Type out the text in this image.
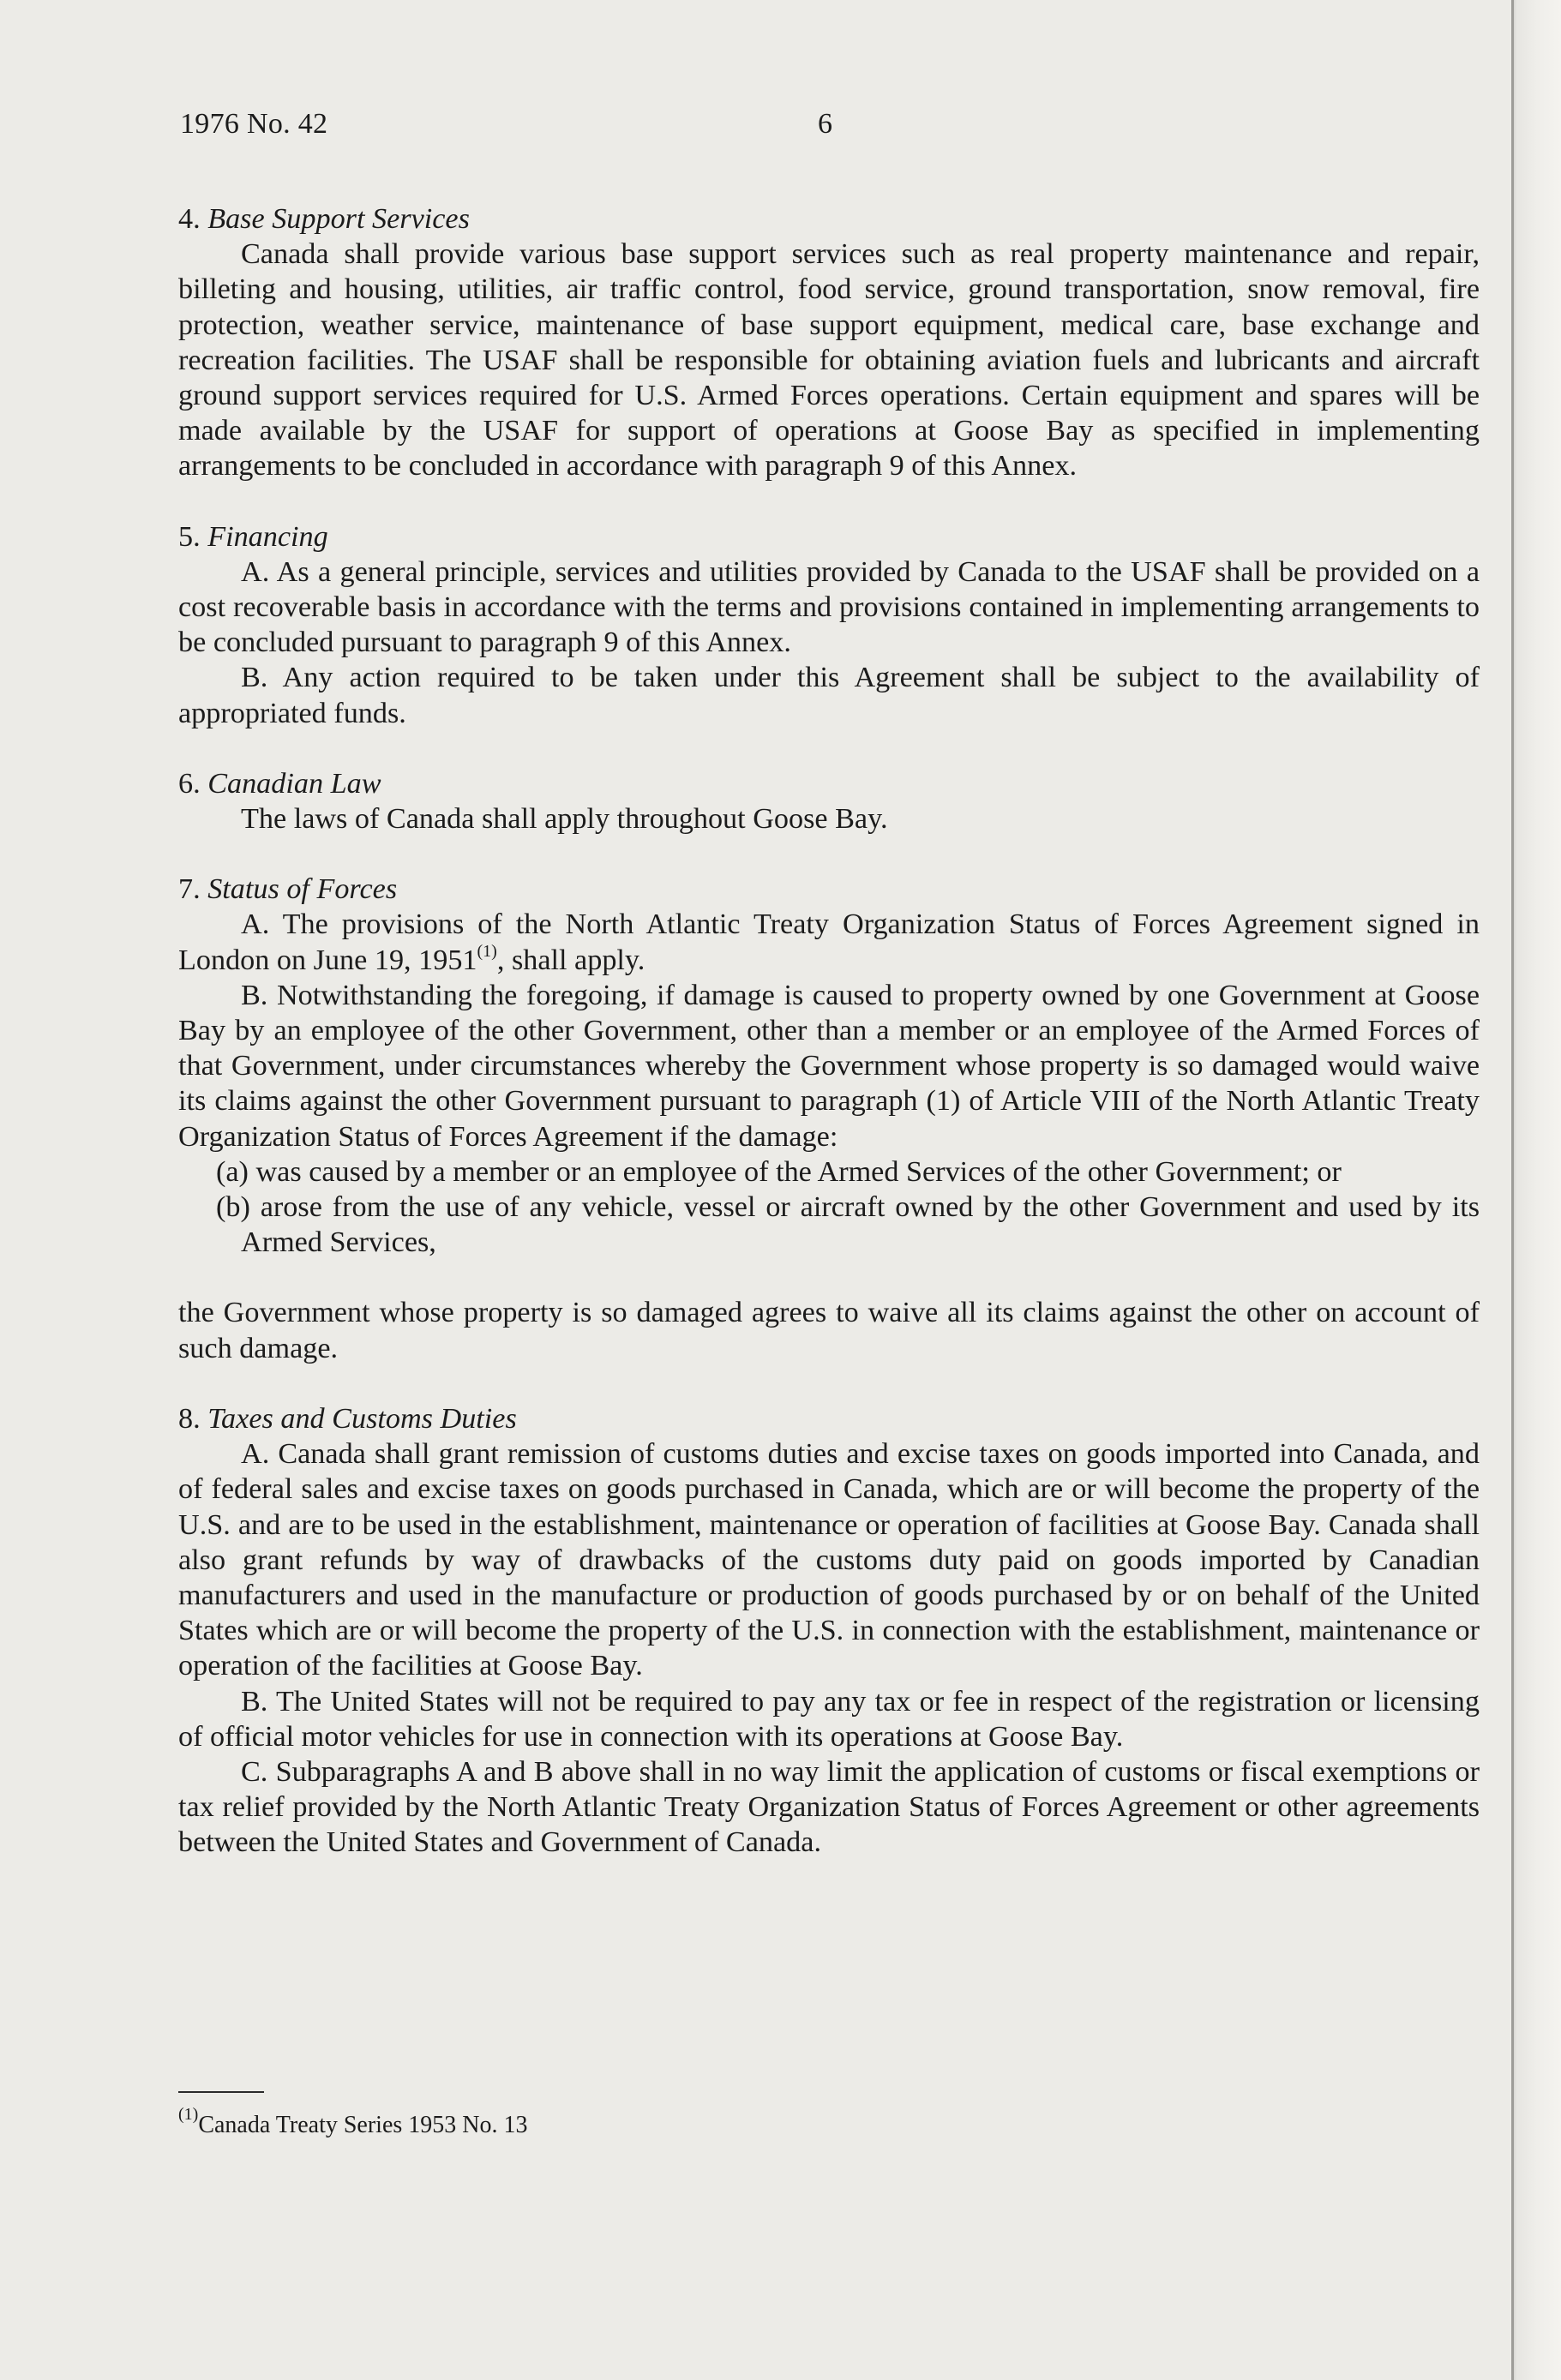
1976 No. 42	6

4. Base Support Services

Canada shall provide various base support services such as real property maintenance and repair, billeting and housing, utilities, air traffic control, food service, ground transportation, snow removal, fire protection, weather service, maintenance of base support equipment, medical care, base exchange and recreation facilities. The USAF shall be responsible for obtaining aviation fuels and lubricants and aircraft ground support services required for U.S. Armed Forces operations. Certain equipment and spares will be made available by the USAF for support of operations at Goose Bay as specified in implementing arrangements to be concluded in accordance with paragraph 9 of this Annex.

5. Financing

A. As a general principle, services and utilities provided by Canada to the USAF shall be provided on a cost recoverable basis in accordance with the terms and provisions contained in implementing arrangements to be concluded pursuant to paragraph 9 of this Annex.

B. Any action required to be taken under this Agreement shall be subject to the availability of appropriated funds.

6. Canadian Law

The laws of Canada shall apply throughout Goose Bay.

7. Status of Forces

A. The provisions of the North Atlantic Treaty Organization Status of Forces Agreement signed in London on June 19, 1951$^{(1)}$, shall apply.

B. Notwithstanding the foregoing, if damage is caused to property owned by one Government at Goose Bay by an employee of the other Government, other than a member or an employee of the Armed Forces of that Government, under circumstances whereby the Government whose property is so damaged would waive its claims against the other Government pursuant to paragraph (1) of Article VIII of the North Atlantic Treaty Organization Status of Forces Agreement if the damage:

(a) was caused by a member or an employee of the Armed Services of the other Government; or

(b) arose from the use of any vehicle, vessel or aircraft owned by the other Government and used by its Armed Services,

the Government whose property is so damaged agrees to waive all its claims against the other on account of such damage.

8. Taxes and Customs Duties

A. Canada shall grant remission of customs duties and excise taxes on goods imported into Canada, and of federal sales and excise taxes on goods purchased in Canada, which are or will become the property of the U.S. and are to be used in the establishment, maintenance or operation of facilities at Goose Bay. Canada shall also grant refunds by way of drawbacks of the customs duty paid on goods imported by Canadian manufacturers and used in the manufacture or production of goods purchased by or on behalf of the United States which are or will become the property of the U.S. in connection with the establishment, maintenance or operation of the facilities at Goose Bay.

B. The United States will not be required to pay any tax or fee in respect of the registration or licensing of official motor vehicles for use in connection with its operations at Goose Bay.

C. Subparagraphs A and B above shall in no way limit the application of customs or fiscal exemptions or tax relief provided by the North Atlantic Treaty Organization Status of Forces Agreement or other agreements between the United States and Government of Canada.

$^{(1)}$Canada Treaty Series 1953 No. 13
